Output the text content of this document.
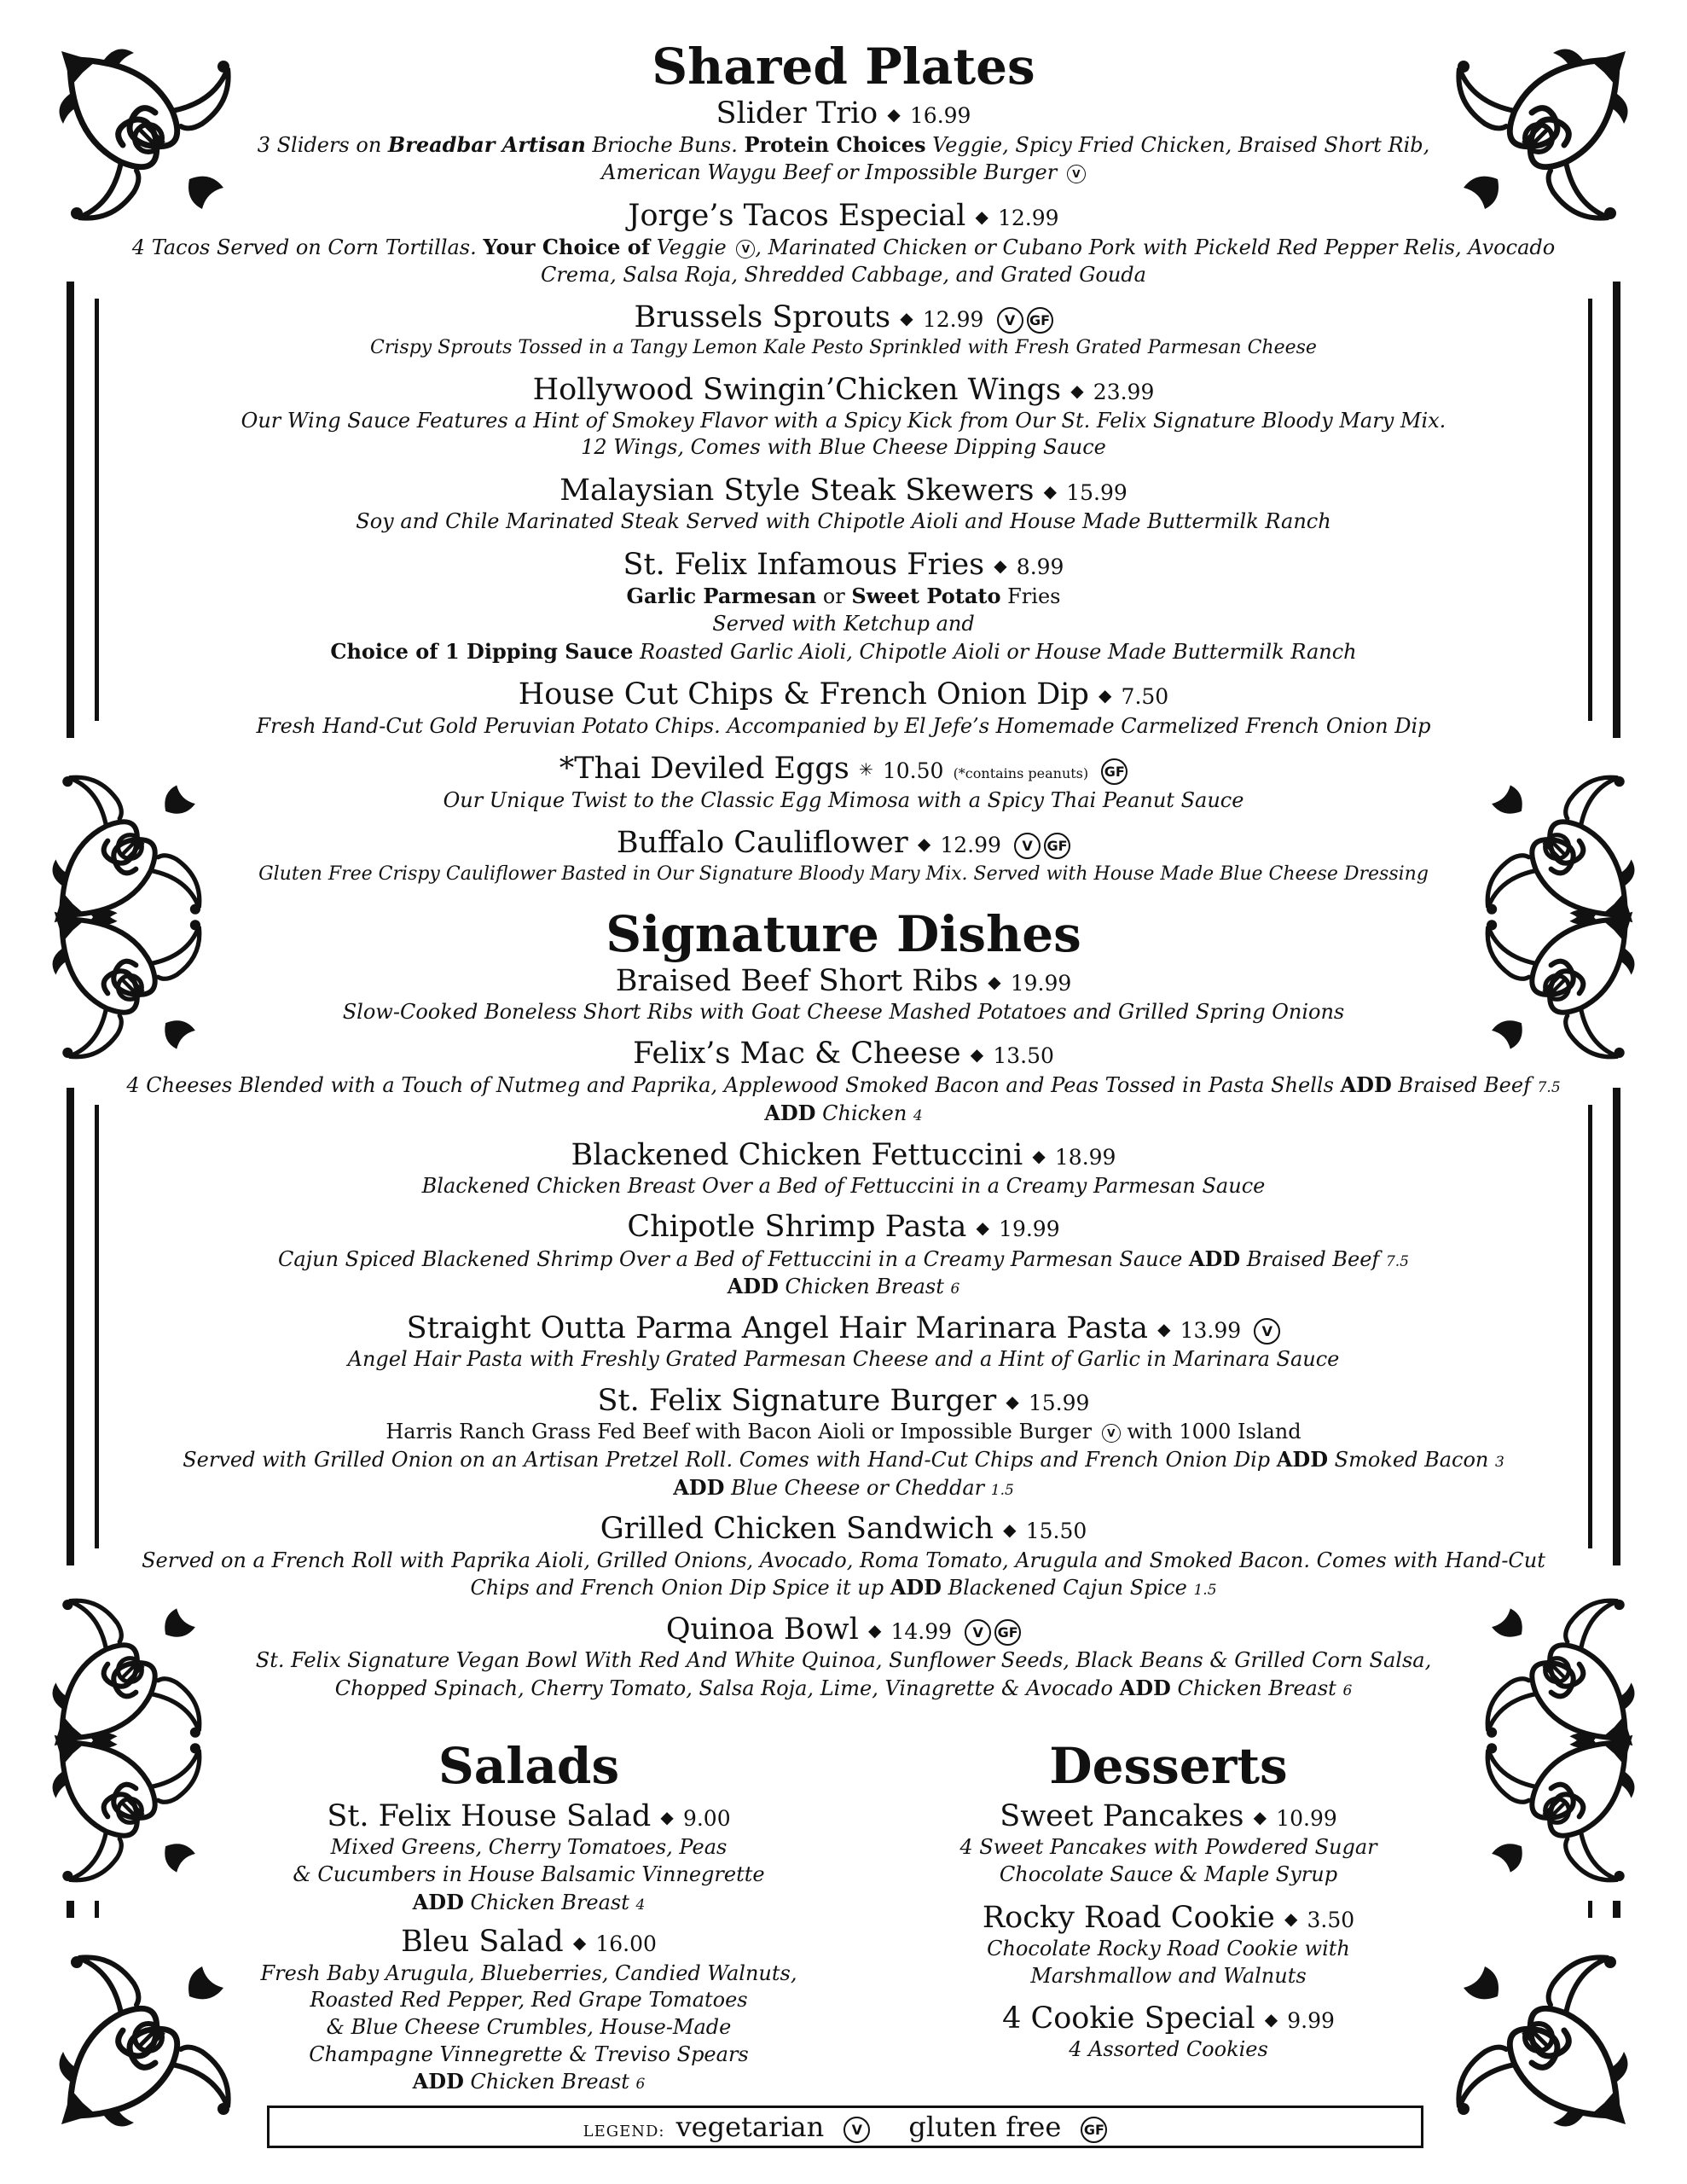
Shared Plates
Slider Trio ◆ 16.99
3 Sliders on Breadbar Artisan Brioche Buns. Protein Choices Veggie, Spicy Fried Chicken, Braised Short Rib,
American Waygu Beef or Impossible Burger V
Jorge’s Tacos Especial ◆ 12.99
4 Tacos Served on Corn Tortillas. Your Choice of Veggie V , Marinated Chicken or Cubano Pork with Pickeld Red Pepper Relis, Avocado
Crema, Salsa Roja, Shredded Cabbage, and Grated Gouda
Brussels Sprouts ◆ 12.99 V GF
Crispy Sprouts Tossed in a Tangy Lemon Kale Pesto Sprinkled with Fresh Grated Parmesan Cheese
Hollywood Swingin’Chicken Wings ◆ 23.99
Our Wing Sauce Features a Hint of Smokey Flavor with a Spicy Kick from Our St. Felix Signature Bloody Mary Mix.
12 Wings, Comes with Blue Cheese Dipping Sauce
Malaysian Style Steak Skewers ◆ 15.99
Soy and Chile Marinated Steak Served with Chipotle Aioli and House Made Buttermilk Ranch
St. Felix Infamous Fries ◆ 8.99
Garlic Parmesan or Sweet Potato Fries
Served with Ketchup and
Choice of 1 Dipping Sauce Roasted Garlic Aioli, Chipotle Aioli or House Made Buttermilk Ranch
House Cut Chips & French Onion Dip ◆ 7.50
Fresh Hand-Cut Gold Peruvian Potato Chips. Accompanied by El Jefe’s Homemade Carmelized French Onion Dip
*Thai Deviled Eggs ✳ 10.50 (*contains peanuts) GF
Our Unique Twist to the Classic Egg Mimosa with a Spicy Thai Peanut Sauce
Buffalo Cauliflower ◆ 12.99 V GF
Gluten Free Crispy Cauliflower Basted in Our Signature Bloody Mary Mix. Served with House Made Blue Cheese Dressing
Signature Dishes
Braised Beef Short Ribs ◆ 19.99
Slow-Cooked Boneless Short Ribs with Goat Cheese Mashed Potatoes and Grilled Spring Onions
Felix’s Mac & Cheese ◆ 13.50
4 Cheeses Blended with a Touch of Nutmeg and Paprika, Applewood Smoked Bacon and Peas Tossed in Pasta Shells ADD Braised Beef 7.5
ADD Chicken 4
Blackened Chicken Fettuccini ◆ 18.99
Blackened Chicken Breast Over a Bed of Fettuccini in a Creamy Parmesan Sauce
Chipotle Shrimp Pasta ◆ 19.99
Cajun Spiced Blackened Shrimp Over a Bed of Fettuccini in a Creamy Parmesan Sauce ADD Braised Beef 7.5
ADD Chicken Breast 6
Straight Outta Parma Angel Hair Marinara Pasta ◆ 13.99 V
Angel Hair Pasta with Freshly Grated Parmesan Cheese and a Hint of Garlic in Marinara Sauce
St. Felix Signature Burger ◆ 15.99
Harris Ranch Grass Fed Beef with Bacon Aioli or Impossible Burger V with 1000 Island
Served with Grilled Onion on an Artisan Pretzel Roll. Comes with Hand-Cut Chips and French Onion Dip ADD Smoked Bacon 3
ADD Blue Cheese or Cheddar 1.5
Grilled Chicken Sandwich ◆ 15.50
Served on a French Roll with Paprika Aioli, Grilled Onions, Avocado, Roma Tomato, Arugula and Smoked Bacon. Comes with Hand-Cut
Chips and French Onion Dip Spice it up ADD Blackened Cajun Spice 1.5
Quinoa Bowl ◆ 14.99 V GF
St. Felix Signature Vegan Bowl With Red And White Quinoa, Sunflower Seeds, Black Beans & Grilled Corn Salsa,
Chopped Spinach, Cherry Tomato, Salsa Roja, Lime, Vinagrette & Avocado ADD Chicken Breast 6
Salads
St. Felix House Salad ◆ 9.00
Mixed Greens, Cherry Tomatoes, Peas
& Cucumbers in House Balsamic Vinnegrette
ADD Chicken Breast 4
Bleu Salad ◆ 16.00
Fresh Baby Arugula, Blueberries, Candied Walnuts,
Roasted Red Pepper, Red Grape Tomatoes
& Blue Cheese Crumbles, House-Made
Champagne Vinnegrette & Treviso Spears
ADD Chicken Breast 6
Desserts
Sweet Pancakes ◆ 10.99
4 Sweet Pancakes with Powdered Sugar
Chocolate Sauce & Maple Syrup
Rocky Road Cookie ◆ 3.50
Chocolate Rocky Road Cookie with
Marshmallow and Walnuts
4 Cookie Special ◆ 9.99
4 Assorted Cookies
LEGEND: vegetarian V gluten free GF
